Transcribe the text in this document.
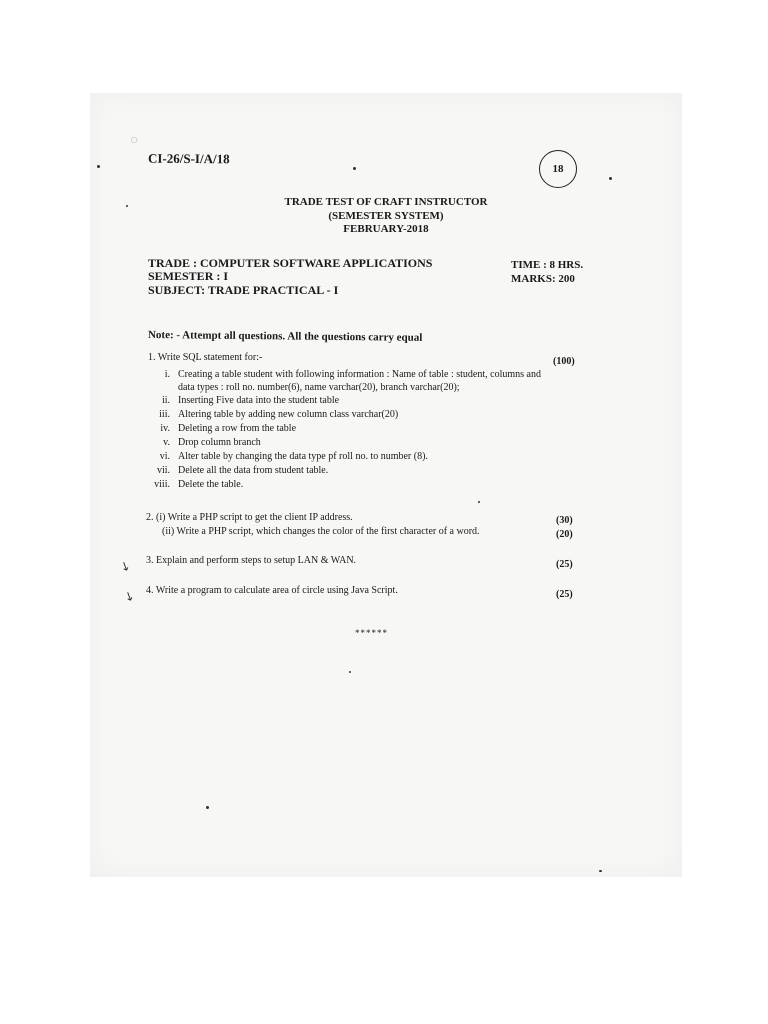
CI-26/S-I/A/18
18
TRADE TEST OF CRAFT INSTRUCTOR
(SEMESTER SYSTEM)
FEBRUARY-2018
TRADE : COMPUTER SOFTWARE APPLICATIONS
SEMESTER : I
SUBJECT: TRADE PRACTICAL - I
TIME : 8 HRS.
MARKS: 200
Note: - Attempt all questions. All the questions carry equal
1. Write SQL statement for:-	(100)
i. Creating a table student with following information : Name of table : student, columns and
data types : roll no. number(6), name varchar(20), branch varchar(20);
ii. Inserting Five data into the student table
iii. Altering table by adding new column class varchar(20)
iv. Deleting a row from the table
v. Drop column branch
vi. Alter table by changing the data type pf roll no. to number (8).
vii. Delete all the data from student table.
viii. Delete the table.
2. (i) Write a PHP script to get the client IP address.	(30)
(ii) Write a PHP script, which changes the color of the first character of a word.	(20)
3. Explain and perform steps to setup LAN & WAN.	(25)
4. Write a program to calculate area of circle using Java Script.	(25)
******
↘
↘
○
